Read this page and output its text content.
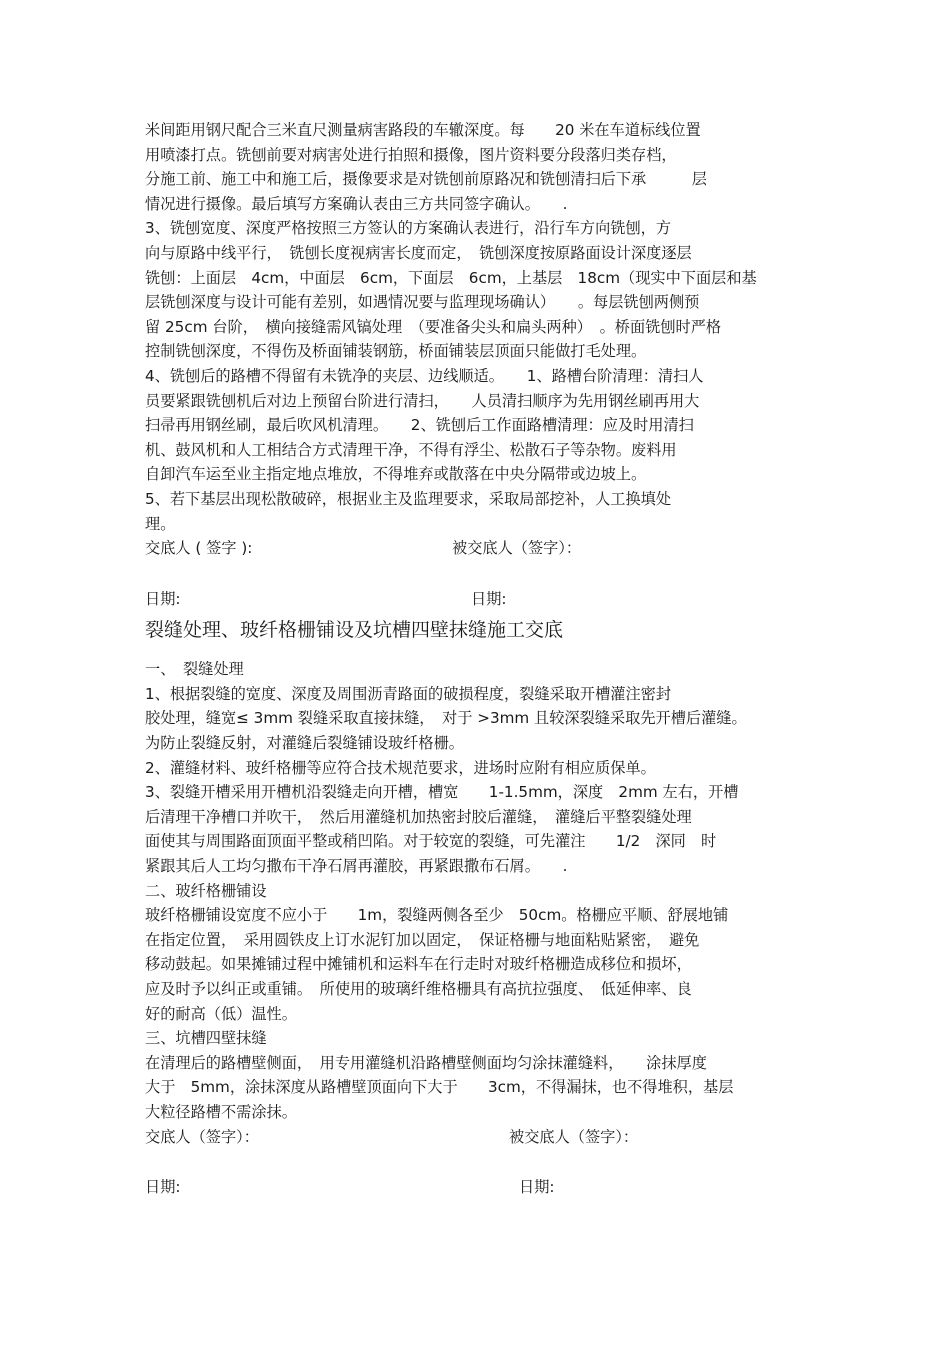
米间距用钢尺配合三米直尺测量病害路段的车辙深度。每　　20 米在车道标线位置
用喷漆打点。铣刨前要对病害处进行拍照和摄像，图片资料要分段落归类存档，
分施工前、施工中和施工后，摄像要求是对铣刨前原路况和铣刨清扫后下承　　　层
情况进行摄像。最后填写方案确认表由三方共同签字确认。　　.
3、铣刨宽度、深度严格按照三方签认的方案确认表进行，沿行车方向铣刨，方
向与原路中线平行，　铣刨长度视病害长度而定，　铣刨深度按原路面设计深度逐层
铣刨：上面层　4cm，中面层　6cm，下面层　6cm，上基层　18cm（现实中下面层和基
层铣刨深度与设计可能有差别，如遇情况要与监理现场确认）　　。每层铣刨两侧预
留 25cm 台阶，　横向接缝需风镐处理　（要准备尖头和扁头两种）　。桥面铣刨时严格
控制铣刨深度，不得伤及桥面铺装钢筋，桥面铺装层顶面只能做打毛处理。
4、铣刨后的路槽不得留有未铣净的夹层、边线顺适。　　1、路槽台阶清理：清扫人
员要紧跟铣刨机后对边上预留台阶进行清扫，　　人员清扫顺序为先用钢丝刷再用大
扫帚再用钢丝刷，最后吹风机清理。　　2、铣刨后工作面路槽清理：应及时用清扫
机、鼓风机和人工相结合方式清理干净，不得有浮尘、松散石子等杂物。废料用
自卸汽车运至业主指定地点堆放，不得堆弃或散落在中央分隔带或边坡上。
5、若下基层出现松散破碎，根据业主及监理要求，采取局部挖补，人工换填处
理。
交底人 ( 签字 ):	被交底人（签字）：
日期:	日期:
裂缝处理、玻纤格栅铺设及坑槽四壁抹缝施工交底
一、　裂缝处理
1、根据裂缝的宽度、深度及周围沥青路面的破损程度，裂缝采取开槽灌注密封
胶处理，缝宽≤ 3mm 裂缝采取直接抹缝，　对于 >3mm 且较深裂缝采取先开槽后灌缝。
为防止裂缝反射，对灌缝后裂缝铺设玻纤格栅。
2、灌缝材料、玻纤格栅等应符合技术规范要求，进场时应附有相应质保单。
3、裂缝开槽采用开槽机沿裂缝走向开槽，槽宽　　1-1.5mm，深度　2mm 左右，开槽
后清理干净槽口并吹干，　然后用灌缝机加热密封胶后灌缝，　灌缝后平整裂缝处理
面使其与周围路面顶面平整或稍凹陷。对于较宽的裂缝，可先灌注　　1/2　深同　时
紧跟其后人工均匀撒布干净石屑再灌胶，再紧跟撒布石屑。　　.
二、玻纤格栅铺设
玻纤格栅铺设宽度不应小于　　1m，裂缝两侧各至少　50cm。格栅应平顺、舒展地铺
在指定位置，　采用圆铁皮上订水泥钉加以固定，　保证格栅与地面粘贴紧密，　避免
移动鼓起。如果摊铺过程中摊铺机和运料车在行走时对玻纤格栅造成移位和损坏，
应及时予以纠正或重铺。　所使用的玻璃纤维格栅具有高抗拉强度、　低延伸率、良
好的耐高（低）温性。
三、坑槽四壁抹缝
在清理后的路槽壁侧面，　用专用灌缝机沿路槽壁侧面均匀涂抹灌缝料，　　涂抹厚度
大于　5mm，涂抹深度从路槽壁顶面向下大于　　3cm，不得漏抹，也不得堆积，基层
大粒径路槽不需涂抹。
交底人（签字）：	被交底人（签字）：
日期:	日期:
